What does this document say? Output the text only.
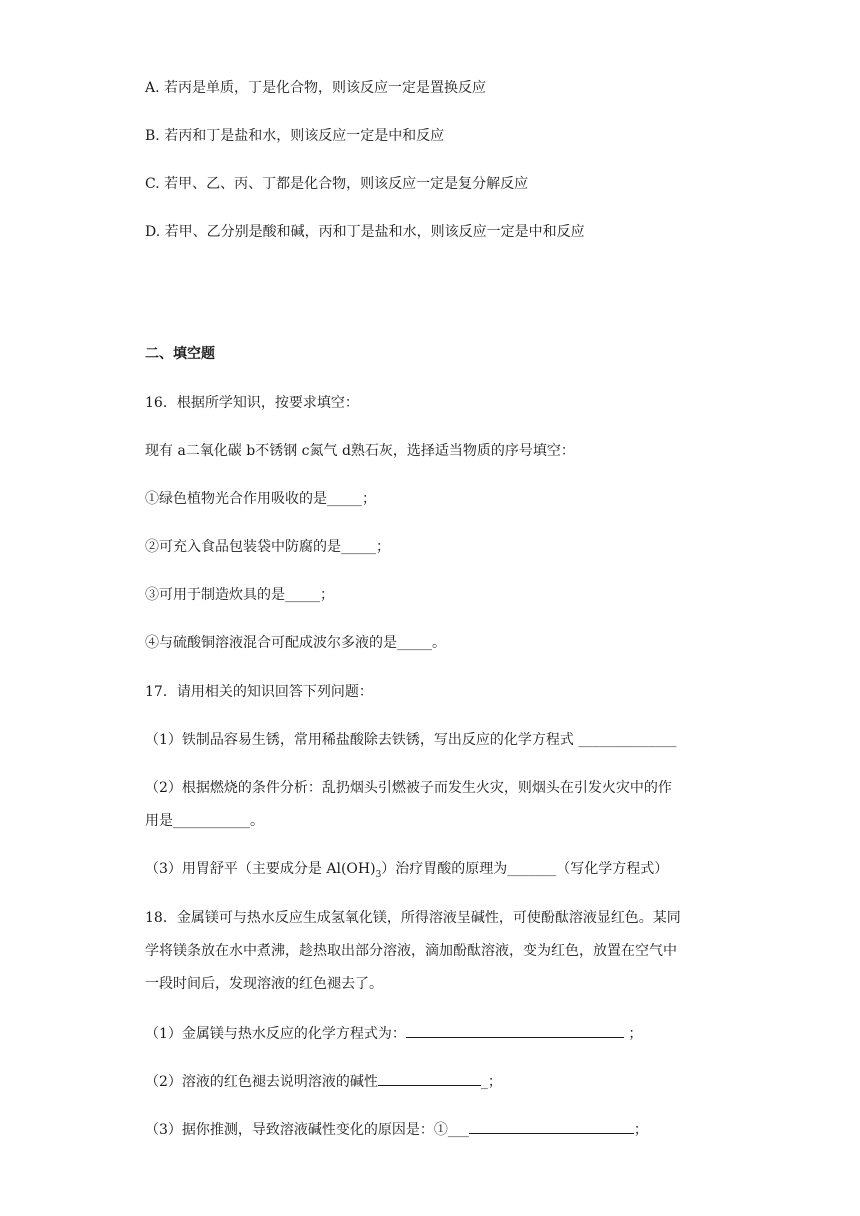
A. 若丙是单质，丁是化合物，则该反应一定是置换反应
B. 若丙和丁是盐和水，则该反应一定是中和反应
C. 若甲、乙、丙、丁都是化合物，则该反应一定是复分解反应
D. 若甲、乙分别是酸和碱，丙和丁是盐和水，则该反应一定是中和反应
二、填空题
16．根据所学知识，按要求填空：
现有 a二氧化碳 b不锈钢 c氮气 d熟石灰，选择适当物质的序号填空：
①绿色植物光合作用吸收的是_____；
②可充入食品包装袋中防腐的是_____；
③可用于制造炊具的是_____；
④与硫酸铜溶液混合可配成波尔多液的是_____。
17．请用相关的知识回答下列问题：
（1）铁制品容易生锈，常用稀盐酸除去铁锈，写出反应的化学方程式 ______________
（2）根据燃烧的条件分析：乱扔烟头引燃被子而发生火灾，则烟头在引发火灾中的作
用是___________。
（3）用胃舒平（主要成分是 $Al(OH)_3$）治疗胃酸的原理为_______（写化学方程式）
18．金属镁可与热水反应生成氢氧化镁，所得溶液呈碱性，可使酚酞溶液显红色。某同
学将镁条放在水中煮沸，趁热取出部分溶液，滴加酚酞溶液，变为红色，放置在空气中
一段时间后，发现溶液的红色褪去了。
（1）金属镁与热水反应的化学方程式为：	；
（2）溶液的红色褪去说明溶液的碱性	_；
（3）据你推测，导致溶液碱性变化的原因是：①___	；
